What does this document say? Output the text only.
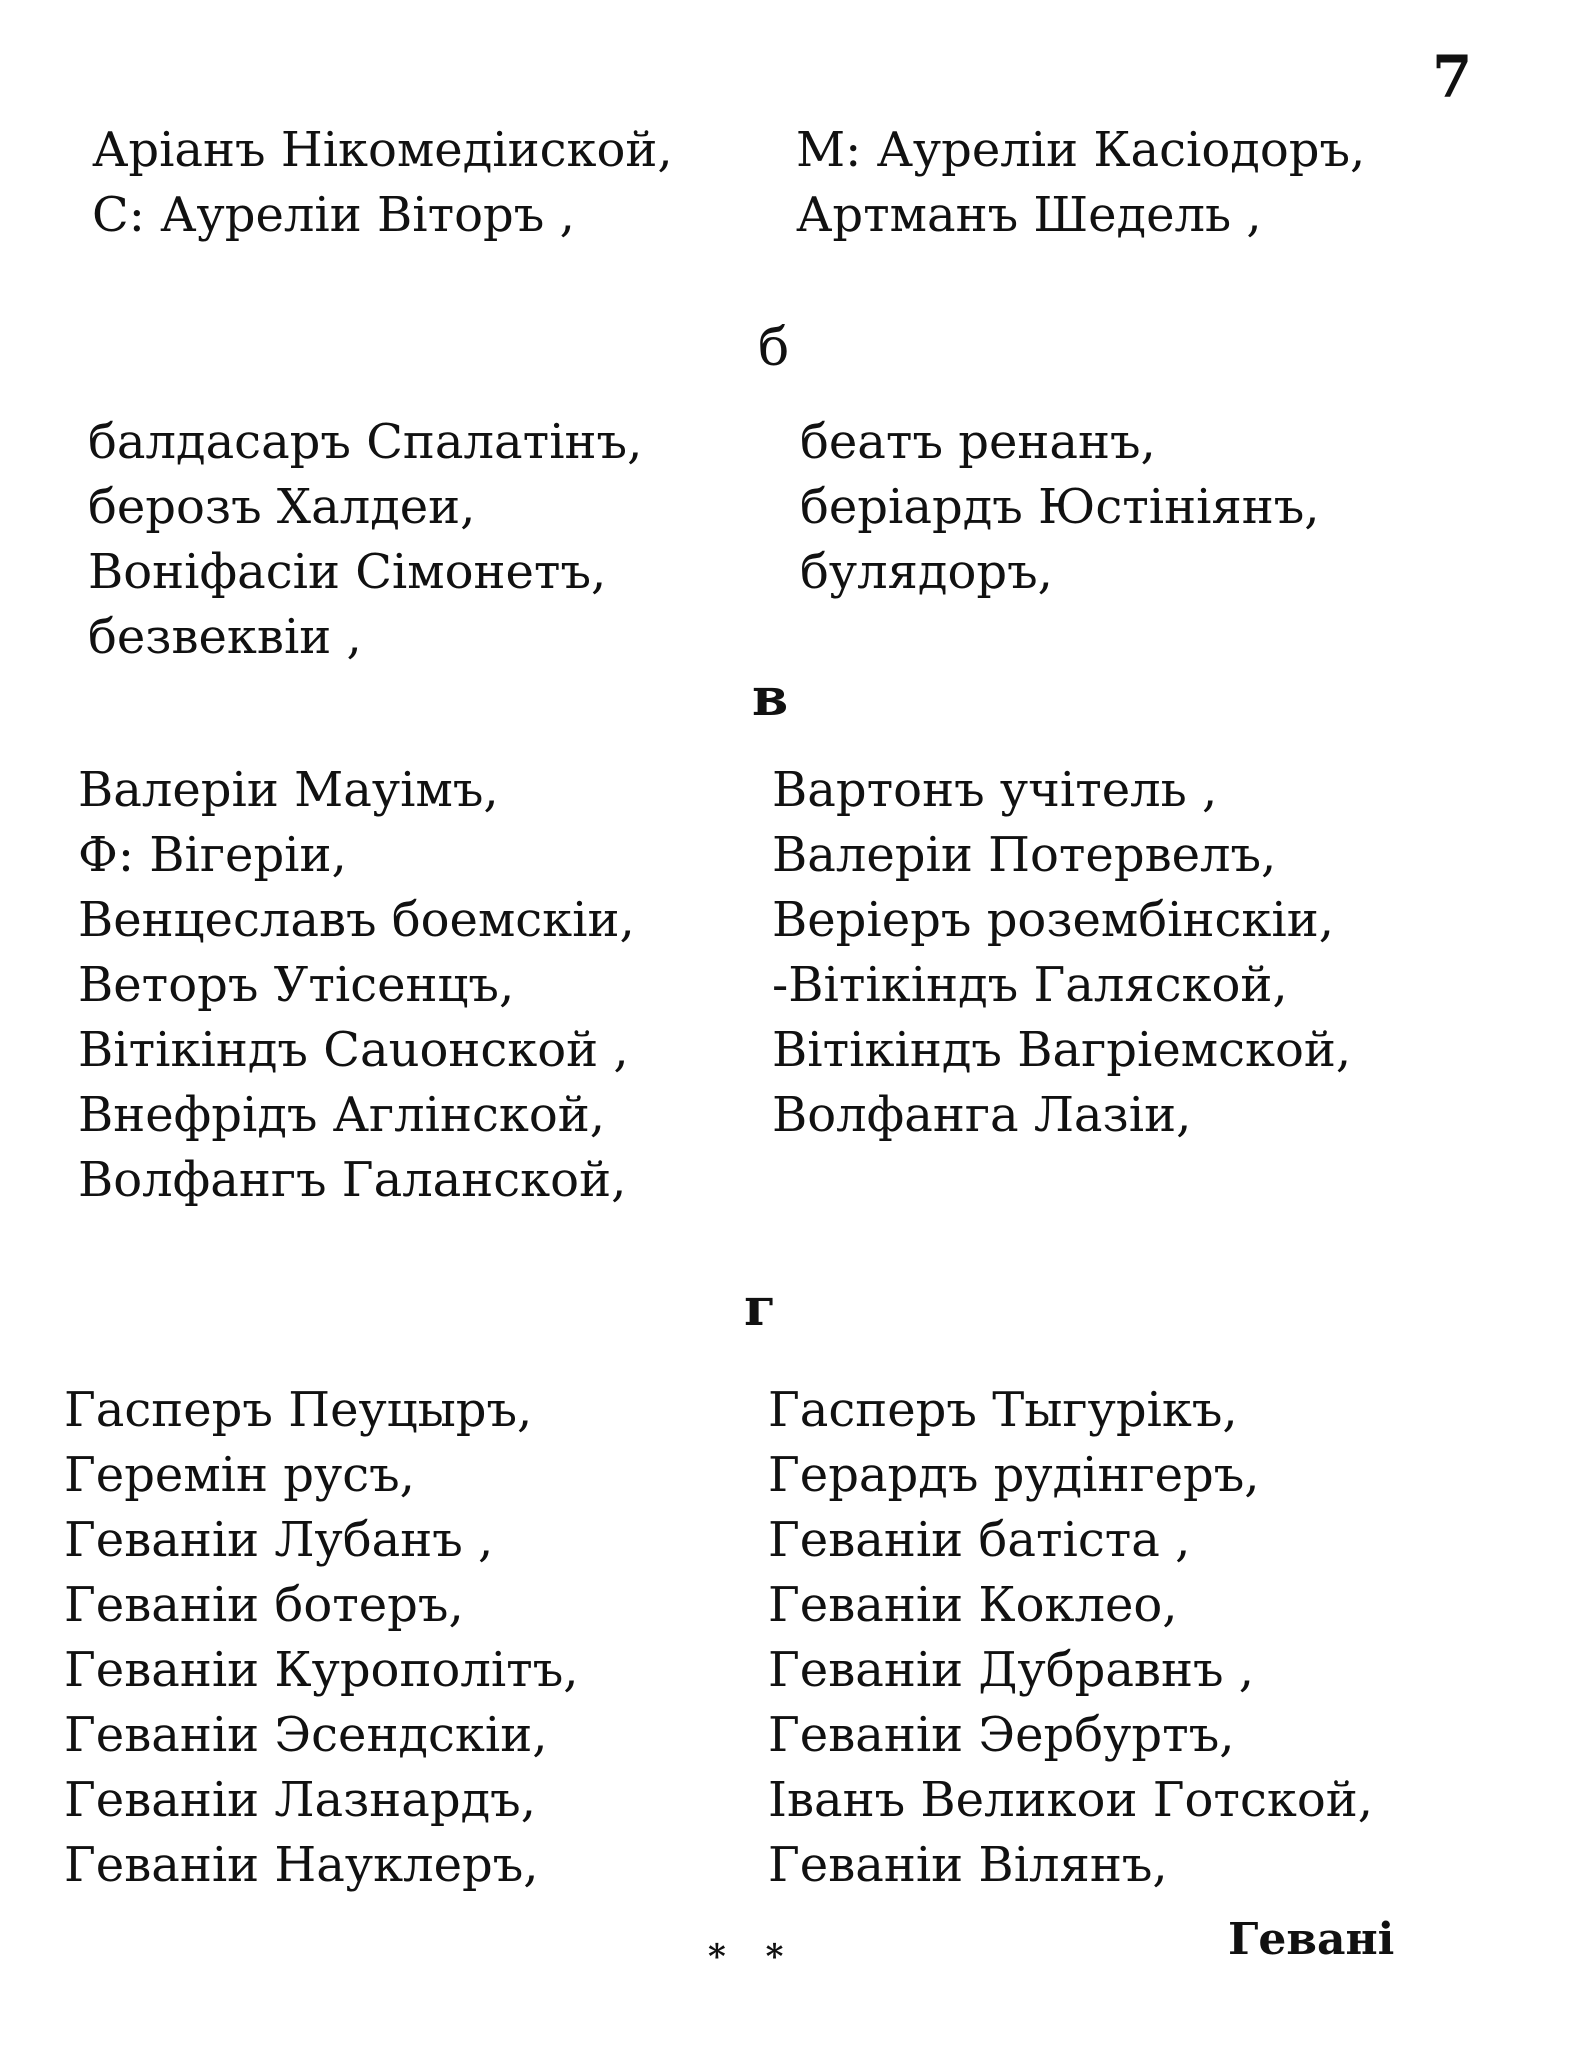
7
Аріанъ Нікомедіиской,
С: Ауреліи Віторъ ,
М: Ауреліи Касіодоръ,
Артманъ Шедель ,
б
балдасаръ Спалатінъ,
берозъ Халдеи,
Воніфасіи Сімонетъ,
безвеквіи ,
беатъ ренанъ,
беріардъ Юстініянъ,
булядоръ,
в
Валеріи Мауімъ,
Ф: Вігеріи,
Венцеславъ боемскіи,
Веторъ Утісенцъ,
Вітікіндъ Саuонской ,
Внефрідъ Аглінской,
Волфангъ Галанской,
Вартонъ учітель ,
Валеріи Потервелъ,
Веріеръ розембінскіи,
-Вітікіндъ Галяской,
Вітікіндъ Вагріемской,
Волфанга Лазіи,
г
Гасперъ Пеуцыръ,
Геремін русъ,
Геваніи Лубанъ ,
Геваніи ботеръ,
Геваніи Курополітъ,
Геваніи Эсендскіи,
Геваніи Лазнардъ,
Геваніи Науклеръ,
Гасперъ Тыгурікъ,
Герардъ рудінгеръ,
Геваніи батіста ,
Геваніи Коклео,
Геваніи Дубравнъ ,
Геваніи Эербуртъ,
Іванъ Великои Готской,
Геваніи Вілянъ,
* *	Гевані
